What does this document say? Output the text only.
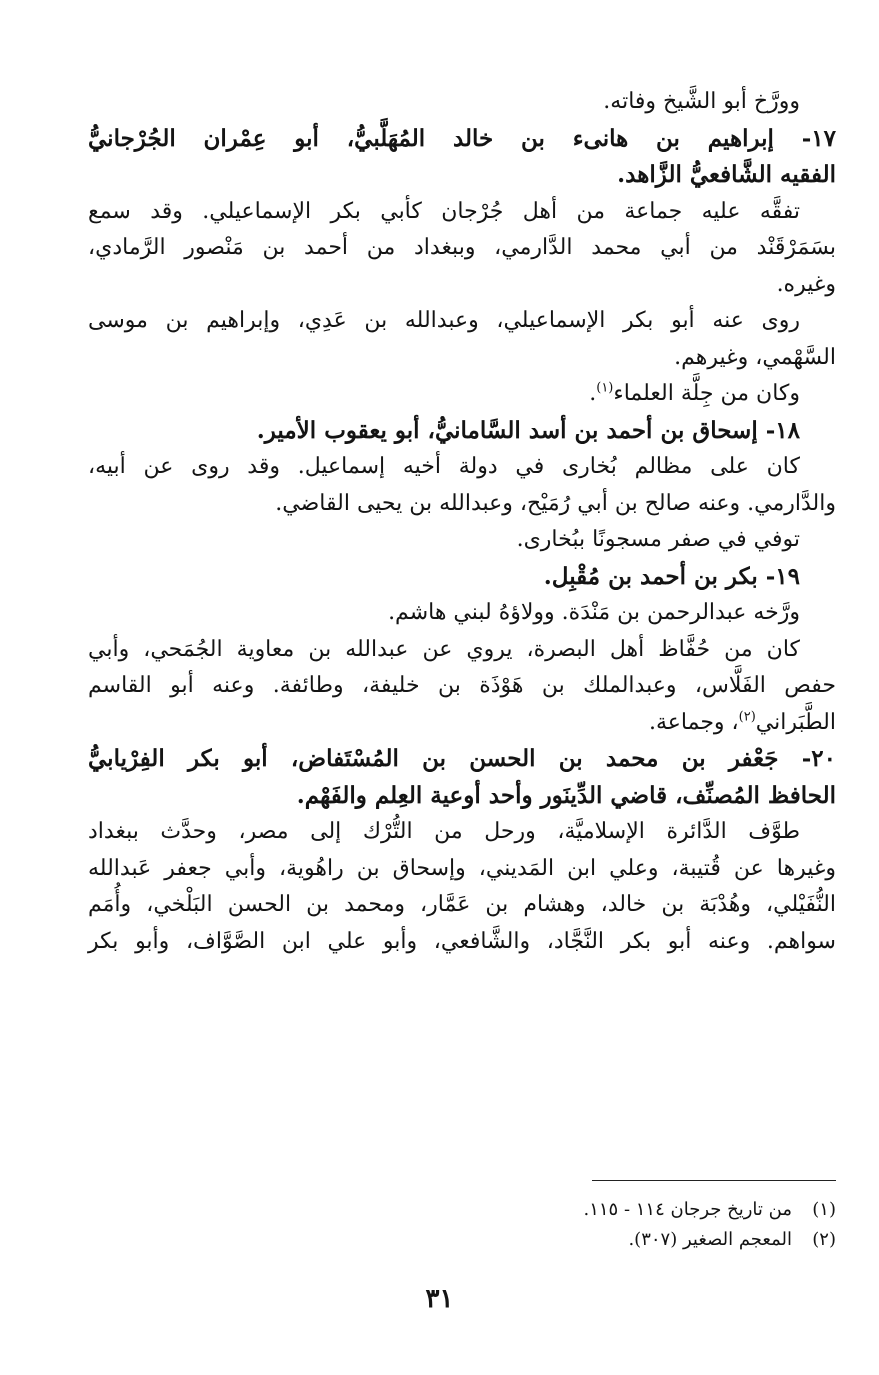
وورَّخ أبو الشَّيخ وفاته.
١٧- إبراهيم بن هانىء بن خالد المُهَلَّبيُّ، أبو عِمْران الجُرْجانيُّ
الفقيه الشَّافعيُّ الزَّاهد.
تفقَّه عليه جماعة من أهل جُرْجان كأبي بكر الإسماعيلي. وقد سمع
بسَمَرْقَنْد من أبي محمد الدَّارمي، وببغداد من أحمد بن مَنْصور الرَّمادي،
وغيره.
روى عنه أبو بكر الإسماعيلي، وعبدالله بن عَدِي، وإبراهيم بن موسى
السَّهْمي، وغيرهم.
وكان من جِلَّة العلماء$^{(١)}$.
١٨- إسحاق بن أحمد بن أسد السَّامانيُّ، أبو يعقوب الأمير.
كان على مظالم بُخارى في دولة أخيه إسماعيل. وقد روى عن أبيه،
والدَّارمي. وعنه صالح بن أبي رُمَيْح، وعبدالله بن يحيى القاضي.
توفي في صفر مسجونًا ببُخارى.
١٩- بكر بن أحمد بن مُقْبِل.
ورَّخه عبدالرحمن بن مَنْدَة. وولاؤهُ لبني هاشم.
كان من حُفَّاظ أهل البصرة، يروي عن عبدالله بن معاوية الجُمَحي، وأبي
حفص الفَلَّاس، وعبدالملك بن هَوْذَة بن خليفة، وطائفة. وعنه أبو القاسم
الطَّبَراني$^{(٢)}$، وجماعة.
٢٠- جَعْفر بن محمد بن الحسن بن المُسْتَفاض، أبو بكر الفِرْيابيُّ
الحافظ المُصنِّف، قاضي الدِّينَور وأحد أوعية العِلم والفَهْم.
طوَّف الدَّائرة الإسلاميَّة، ورحل من التُّرْك إلى مصر، وحدَّث ببغداد
وغيرها عن قُتيبة، وعلي ابن المَديني، وإسحاق بن راهُوية، وأبي جعفر عَبدالله
النُّفَيْلي، وهُدْبَة بن خالد، وهشام بن عَمَّار، ومحمد بن الحسن البَلْخي، وأُمَم
سواهم. وعنه أبو بكر النَّجَّاد، والشَّافعي، وأبو علي ابن الصَّوَّاف، وأبو بكر
(١)من تاريخ جرجان ١١٤ - ١١٥.
(٢)المعجم الصغير (٣٠٧).
٣١
